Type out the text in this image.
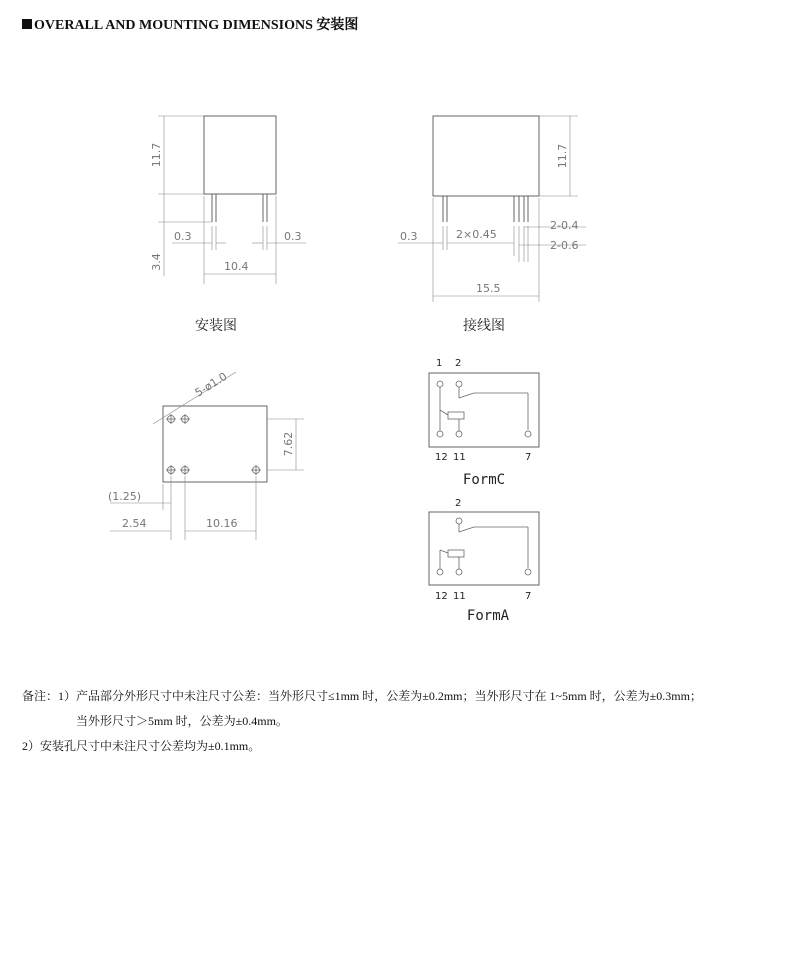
OVERALL AND MOUNTING DIMENSIONS 安装图
11.7
3.4
0.3	0.3
10.4
安装图
11.7
0.3	2×0.45
2-0.4
2-0.6
15.5
接线图
5-ø1.0
7.62
(1.25)
2.54	10.16
1 2
12 11	7
FormC
2
12 11	7
FormA
备注：1）产品部分外形尺寸中未注尺寸公差：当外形尺寸≤1mm 时，公差为±0.2mm；当外形尺寸在 1~5mm 时，公差为±0.3mm；
当外形尺寸＞5mm 时，公差为±0.4mm。
2）安装孔尺寸中未注尺寸公差均为±0.1mm。
